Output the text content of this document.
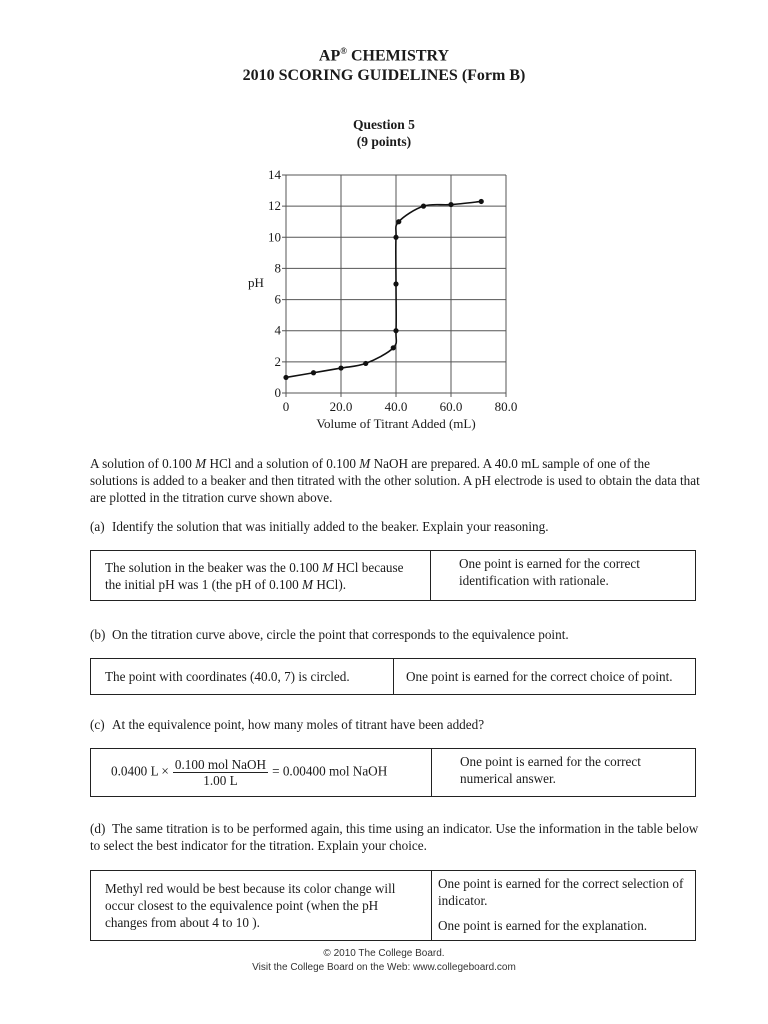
AP® CHEMISTRY
2010 SCORING GUIDELINES (Form B)
Question 5
(9 points)
0	20.0 40.0 60.0 80.0
0
2
4
6
8
10
12
14
pH
Volume of Titrant Added (mL)
A solution of 0.100 M HCl and a solution of 0.100 M NaOH are prepared. A 40.0 mL sample of one of the solutions is added to a beaker and then titrated with the other solution. A pH electrode is used to obtain the data that are plotted in the titration curve shown above.
(a) Identify the solution that was initially added to the beaker. Explain your reasoning.
The solution in the beaker was the 0.100 M HCl because the initial pH was 1 (the pH of 0.100 M HCl).
One point is earned for the correct identification with rationale.
(b) On the titration curve above, circle the point that corresponds to the equivalence point.
The point with coordinates (40.0, 7) is circled.	One point is earned for the correct choice of point.
(c) At the equivalence point, how many moles of titrant have been added?
0.0400 $L \times \frac{\text{0.100 mol NaOH}}{1.00 L} = 0.00400$ mol NaOH
One point is earned for the correct numerical answer.
(d) The same titration is to be performed again, this time using an indicator. Use the information in the table below to select the best indicator for the titration. Explain your choice.
Methyl red would be best because its color change will occur closest to the equivalence point (when the pH changes from about 4 to 10 ).
One point is earned for the correct selection of indicator.
One point is earned for the explanation.
© 2010 The College Board.
Visit the College Board on the Web: www.collegeboard.com
